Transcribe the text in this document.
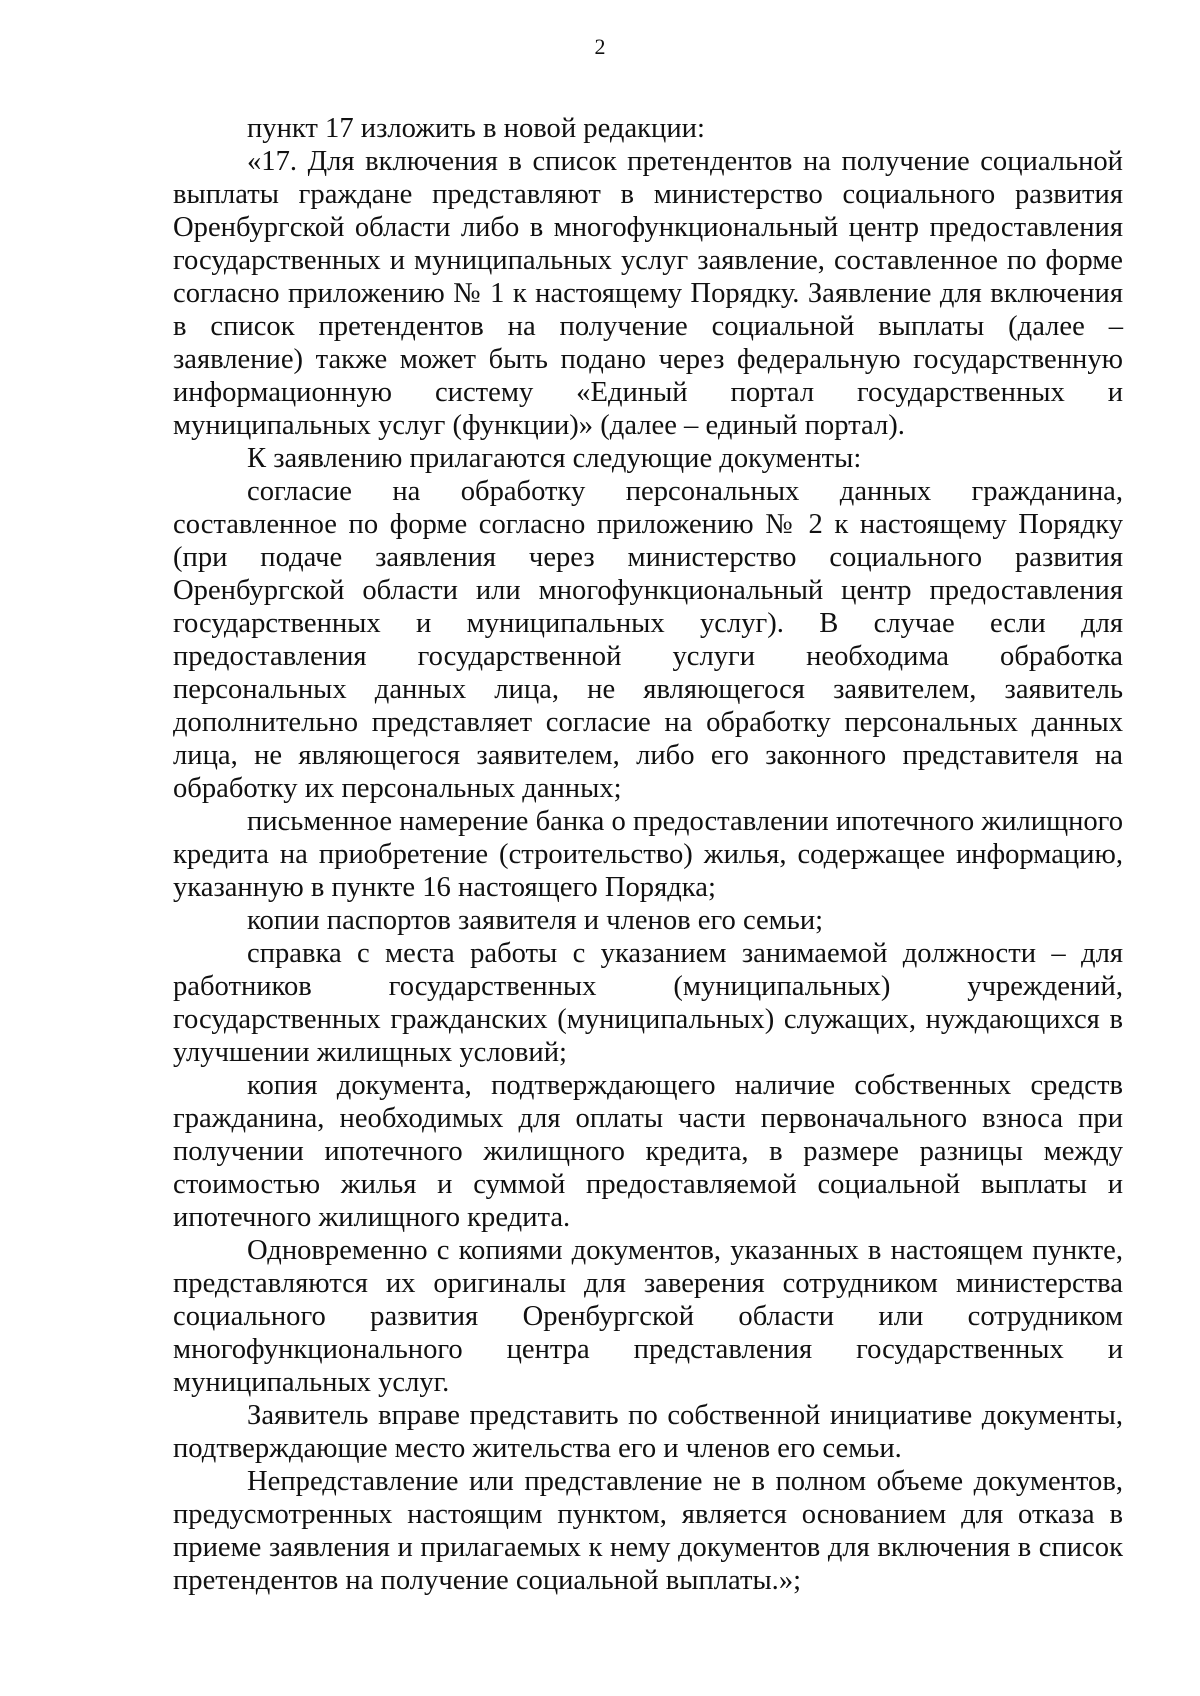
2

пункт 17 изложить в новой редакции:

«17. Для включения в список претендентов на получение социальной выплаты граждане представляют в министерство социального развития Оренбургской области либо в многофункциональный центр предоставления государственных и муниципальных услуг заявление, составленное по форме согласно приложению № 1 к настоящему Порядку. Заявление для включения в список претендентов на получение социальной выплаты (далее – заявление) также может быть подано через федеральную государственную информационную систему «Единый портал государственных и муниципальных услуг (функции)» (далее – единый портал).

К заявлению прилагаются следующие документы:

согласие на обработку персональных данных гражданина, составленное по форме согласно приложению № 2 к настоящему Порядку (при подаче заявления через министерство социального развития Оренбургской области или многофункциональный центр предоставления государственных и муниципальных услуг). В случае если для предоставления государственной услуги необходима обработка персональных данных лица, не являющегося заявителем, заявитель дополнительно представляет согласие на обработку персональных данных лица, не являющегося заявителем, либо его законного представителя на обработку их персональных данных;

письменное намерение банка о предоставлении ипотечного жилищного кредита на приобретение (строительство) жилья, содержащее информацию, указанную в пункте 16 настоящего Порядка;

копии паспортов заявителя и членов его семьи;

справка с места работы с указанием занимаемой должности – для работников государственных (муниципальных) учреждений, государственных гражданских (муниципальных) служащих, нуждающихся в улучшении жилищных условий;

копия документа, подтверждающего наличие собственных средств гражданина, необходимых для оплаты части первоначального взноса при получении ипотечного жилищного кредита, в размере разницы между стоимостью жилья и суммой предоставляемой социальной выплаты и ипотечного жилищного кредита.

Одновременно с копиями документов, указанных в настоящем пункте, представляются их оригиналы для заверения сотрудником министерства социального развития Оренбургской области или сотрудником многофункционального центра представления государственных и муниципальных услуг.

Заявитель вправе представить по собственной инициативе документы, подтверждающие место жительства его и членов его семьи.

Непредставление или представление не в полном объеме документов, предусмотренных настоящим пунктом, является основанием для отказа в приеме заявления и прилагаемых к нему документов для включения в список претендентов на получение социальной выплаты.»;
